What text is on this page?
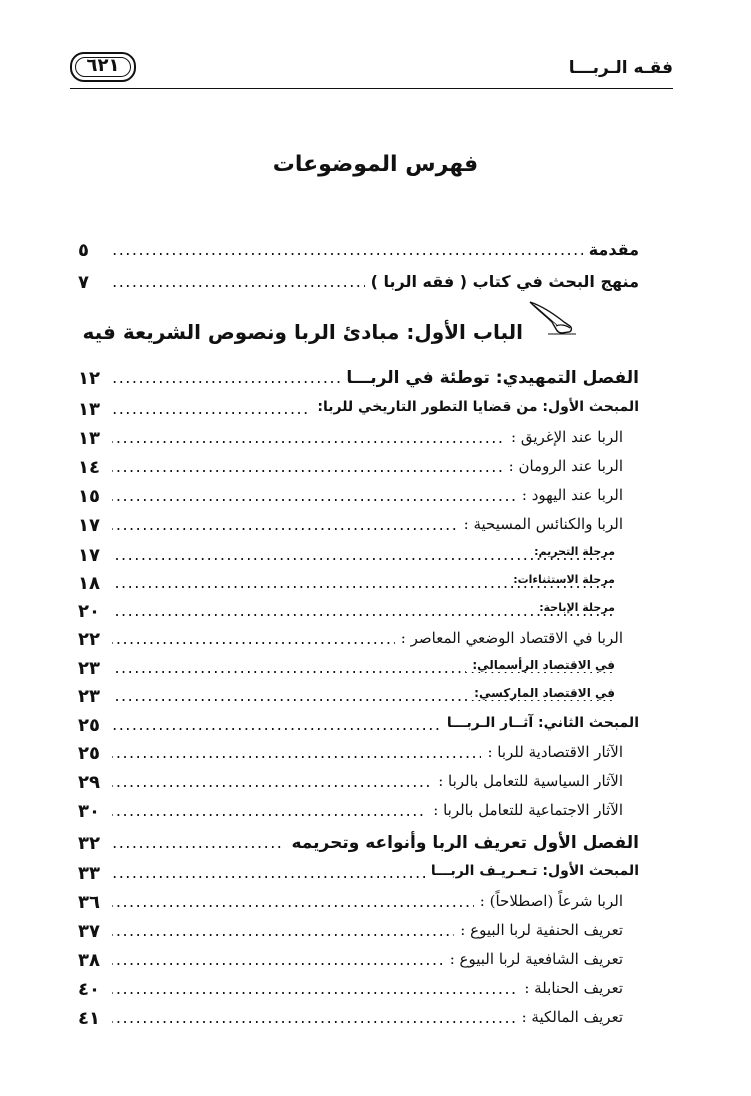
فقـه الـربـــا
٦٢١
فهرس الموضوعات
.....
مقدمة
٥
.....
منهج البحث في كتاب ( فقه الربا )
٧
.....
الفصل التمهيدي: توطئة في الربـــا
١٢
.....
المبحث الأول: من قضايا التطور التاريخي للربا:
١٣
.....
الربا عند الإغريق :
١٣
.....
الربا عند الرومان :
١٤
.....
الربا عند اليهود :
١٥
.....
الربا والكنائس المسيحية :
١٧
.....
مرحلة التحريم:
١٧
.....
مرحلة الاستثناءات:
١٨
.....
مرحلة الإباحة:
٢٠
.....
الربا في الاقتصاد الوضعي المعاصر :
٢٢
.....
في الاقتصاد الرأسمالي:
٢٣
.....
في الاقتصاد الماركسي:
٢٣
.....
المبحث الثاني: آثــار الـربـــا
٢٥
.....
الآثار الاقتصادية للربا :
٢٥
.....
الآثار السياسية للتعامل بالربا :
٢٩
.....
الآثار الاجتماعية للتعامل بالربا :
٣٠
.....
الفصل الأول تعريف الربا وأنواعه وتحريمه
٣٢
.....
المبحث الأول: تـعـريـف الربـــا
٣٣
.....
الربا شرعاً (اصطلاحاً) :
٣٦
.....
تعريف الحنفية لربا البيوع :
٣٧
.....
تعريف الشافعية لربا البيوع :
٣٨
.....
تعريف الحنابلة :
٤٠
.....
تعريف المالكية :
٤١
الباب الأول: مبادئ الربا ونصوص الشريعة فيه
